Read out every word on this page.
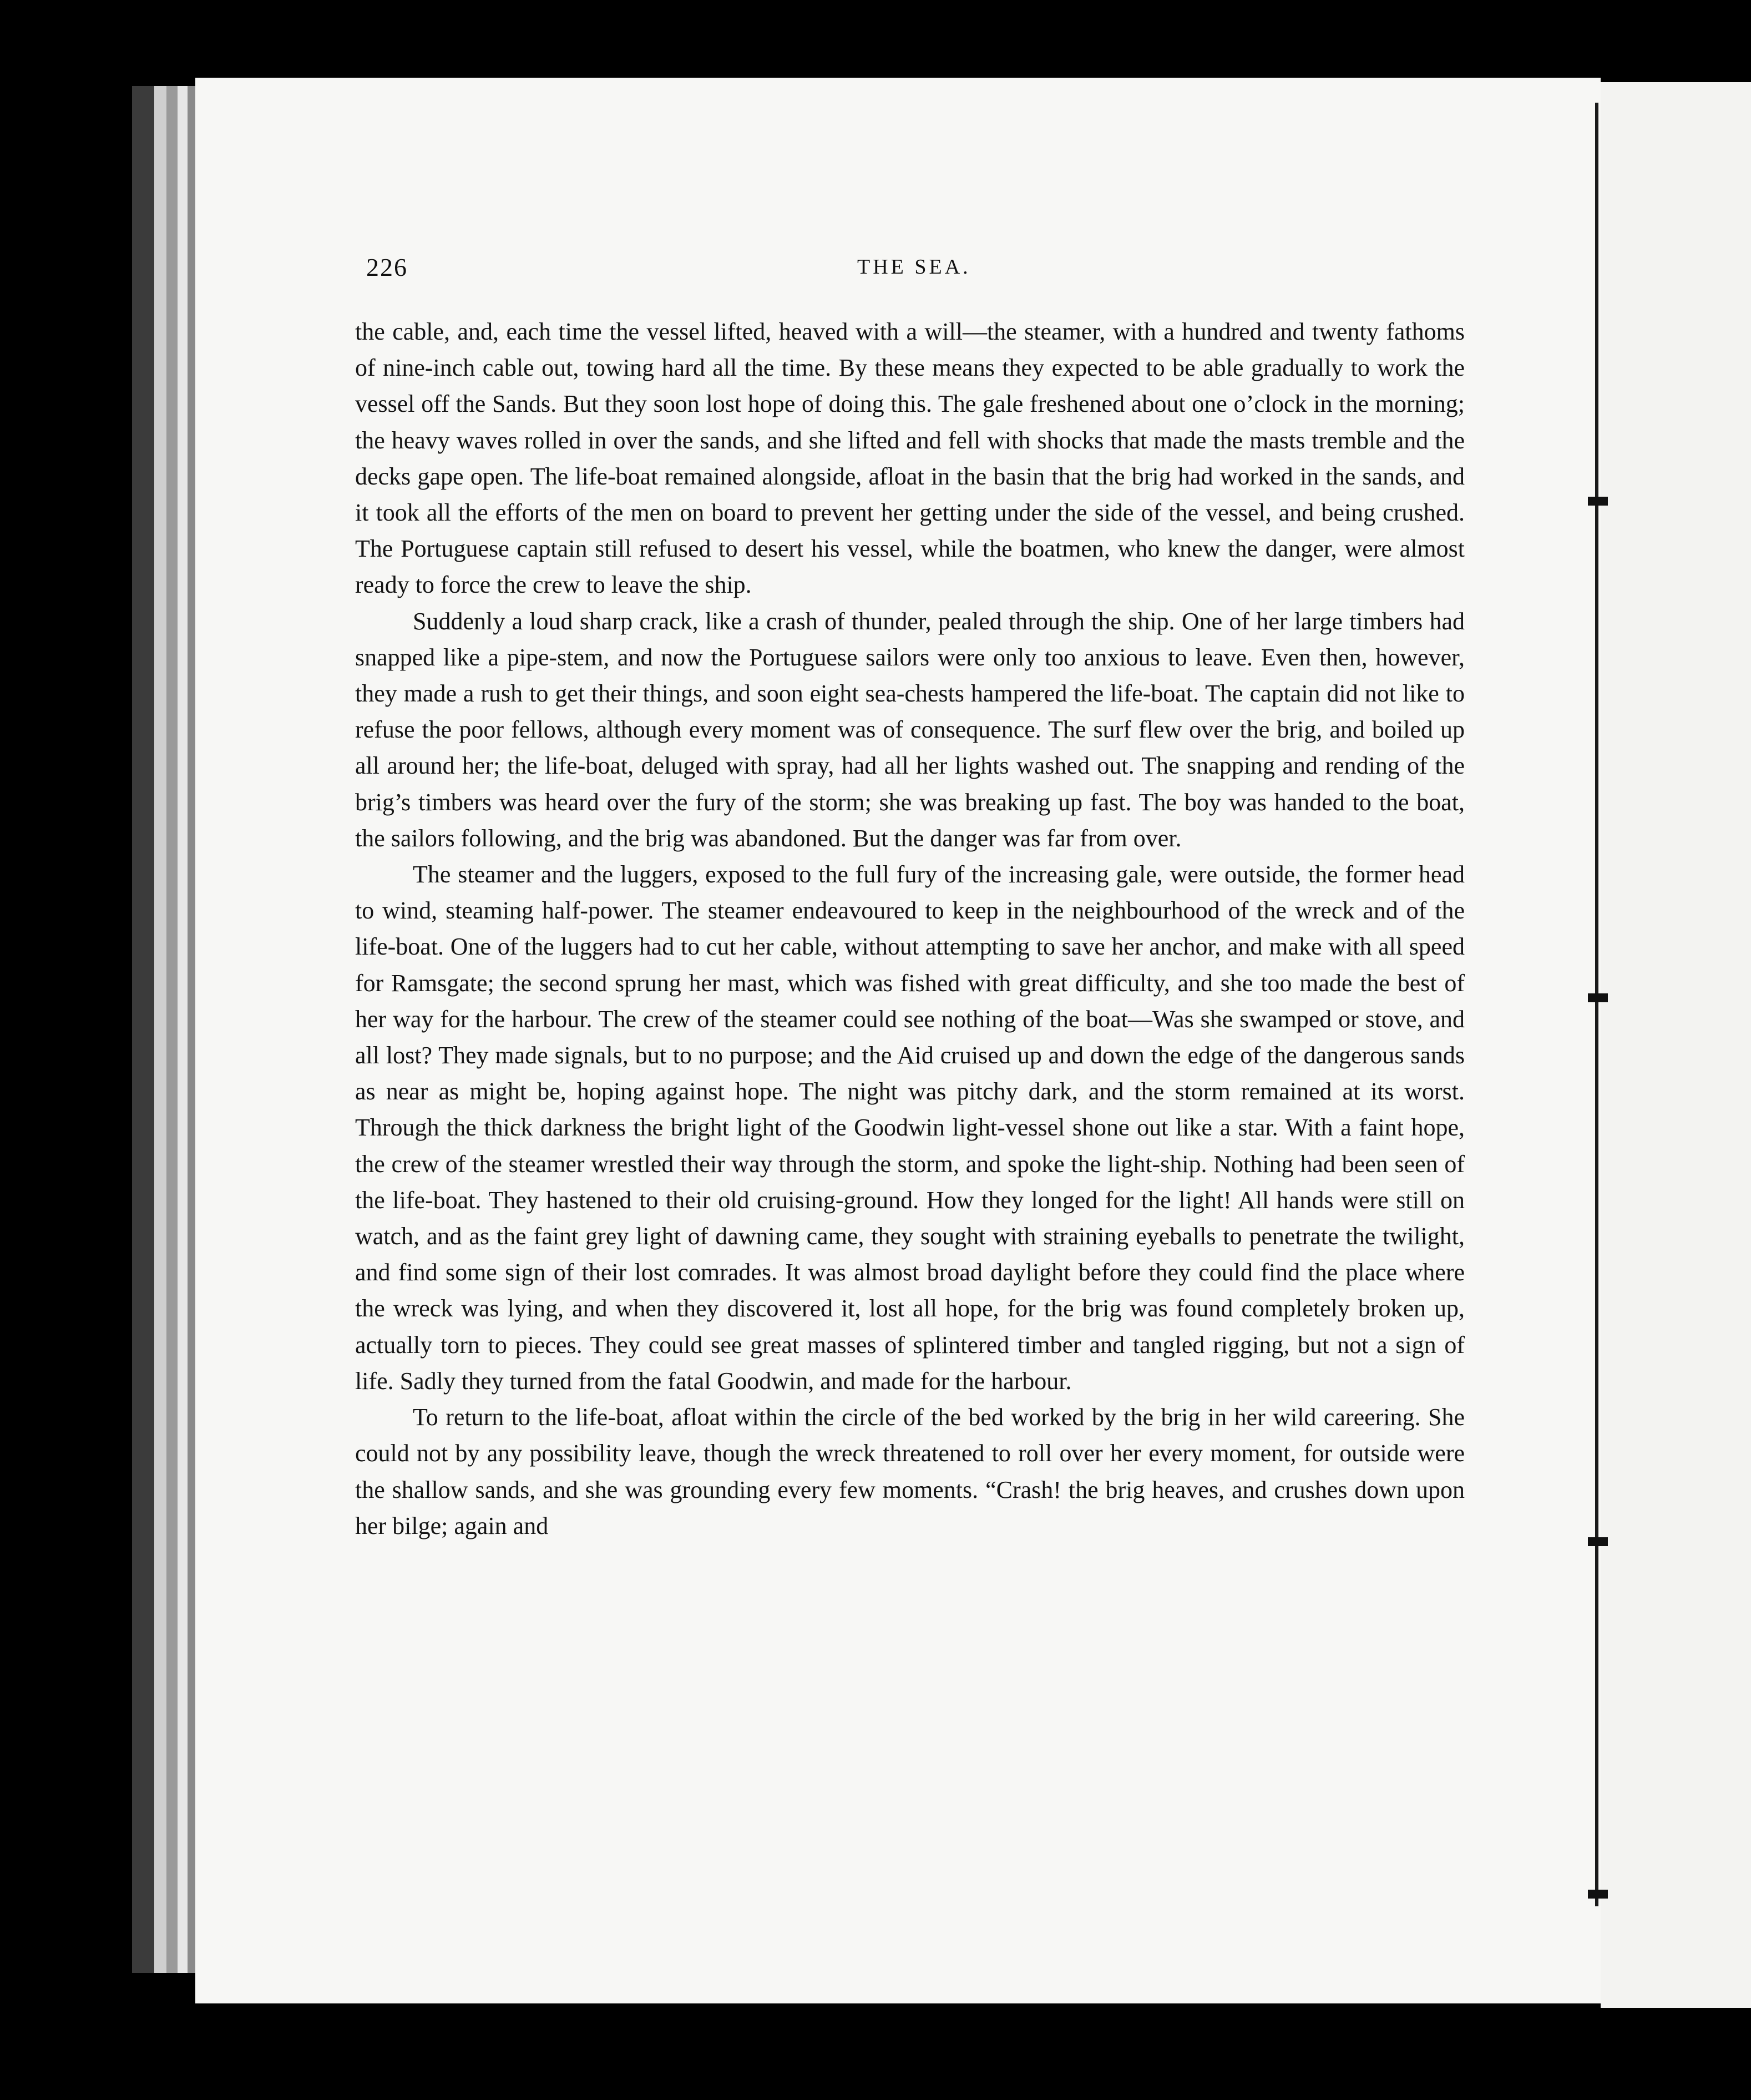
226	THE SEA.

the cable, and, each time the vessel lifted, heaved with a will—the steamer, with a hundred and twenty fathoms of nine-inch cable out, towing hard all the time. By these means they expected to be able gradually to work the vessel off the Sands. But they soon lost hope of doing this. The gale freshened about one o’clock in the morning; the heavy waves rolled in over the sands, and she lifted and fell with shocks that made the masts tremble and the decks gape open. The life-boat remained alongside, afloat in the basin that the brig had worked in the sands, and it took all the efforts of the men on board to prevent her getting under the side of the vessel, and being crushed. The Portuguese captain still refused to desert his vessel, while the boatmen, who knew the danger, were almost ready to force the crew to leave the ship.

Suddenly a loud sharp crack, like a crash of thunder, pealed through the ship. One of her large timbers had snapped like a pipe-stem, and now the Portuguese sailors were only too anxious to leave. Even then, however, they made a rush to get their things, and soon eight sea-chests hampered the life-boat. The captain did not like to refuse the poor fellows, although every moment was of consequence. The surf flew over the brig, and boiled up all around her; the life-boat, deluged with spray, had all her lights washed out. The snapping and rending of the brig’s timbers was heard over the fury of the storm; she was breaking up fast. The boy was handed to the boat, the sailors following, and the brig was abandoned. But the danger was far from over.

The steamer and the luggers, exposed to the full fury of the increasing gale, were outside, the former head to wind, steaming half-power. The steamer endeavoured to keep in the neighbourhood of the wreck and of the life-boat. One of the luggers had to cut her cable, without attempting to save her anchor, and make with all speed for Ramsgate; the second sprung her mast, which was fished with great difficulty, and she too made the best of her way for the harbour. The crew of the steamer could see nothing of the boat—Was she swamped or stove, and all lost? They made signals, but to no purpose; and the Aid cruised up and down the edge of the dangerous sands as near as might be, hoping against hope. The night was pitchy dark, and the storm remained at its worst. Through the thick darkness the bright light of the Goodwin light-vessel shone out like a star. With a faint hope, the crew of the steamer wrestled their way through the storm, and spoke the light-ship. Nothing had been seen of the life-boat. They hastened to their old cruising-ground. How they longed for the light! All hands were still on watch, and as the faint grey light of dawning came, they sought with straining eyeballs to penetrate the twilight, and find some sign of their lost comrades. It was almost broad daylight before they could find the place where the wreck was lying, and when they discovered it, lost all hope, for the brig was found completely broken up, actually torn to pieces. They could see great masses of splintered timber and tangled rigging, but not a sign of life. Sadly they turned from the fatal Goodwin, and made for the harbour.

To return to the life-boat, afloat within the circle of the bed worked by the brig in her wild careering. She could not by any possibility leave, though the wreck threatened to roll over her every moment, for outside were the shallow sands, and she was grounding every few moments. “Crash! the brig heaves, and crushes down upon her bilge; again and
